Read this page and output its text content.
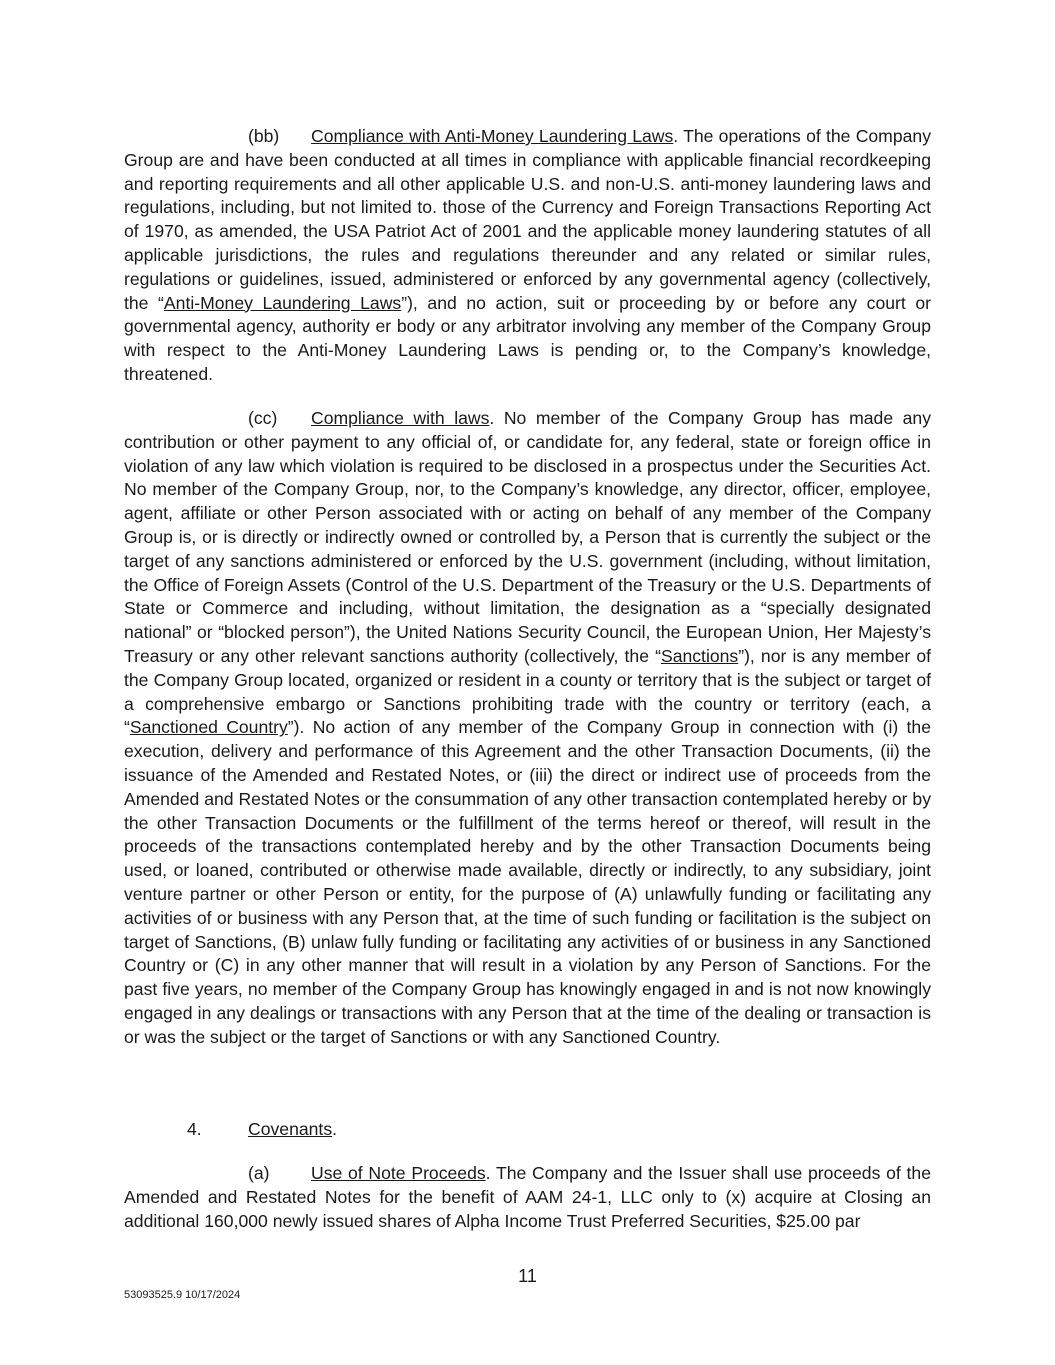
(bb) Compliance with Anti-Money Laundering Laws. The operations of the Company Group are and have been conducted at all times in compliance with applicable financial recordkeeping and reporting requirements and all other applicable U.S. and non-U.S. anti-money laundering laws and regulations, including, but not limited to. those of the Currency and Foreign Transactions Reporting Act of 1970, as amended, the USA Patriot Act of 2001 and the applicable money laundering statutes of all applicable jurisdictions, the rules and regulations thereunder and any related or similar rules, regulations or guidelines, issued, administered or enforced by any governmental agency (collectively, the “Anti-Money Laundering Laws”), and no action, suit or proceeding by or before any court or governmental agency, authority er body or any arbitrator involving any member of the Company Group with respect to the Anti-Money Laundering Laws is pending or, to the Company’s knowledge, threatened.

(cc) Compliance with laws. No member of the Company Group has made any contribution or other payment to any official of, or candidate for, any federal, state or foreign office in violation of any law which violation is required to be disclosed in a prospectus under the Securities Act. No member of the Company Group, nor, to the Company’s knowledge, any director, officer, employee, agent, affiliate or other Person associated with or acting on behalf of any member of the Company Group is, or is directly or indirectly owned or controlled by, a Person that is currently the subject or the target of any sanctions administered or enforced by the U.S. government (including, without limitation, the Office of Foreign Assets (Control of the U.S. Department of the Treasury or the U.S. Departments of State or Commerce and including, without limitation, the designation as a “specially designated national” or “blocked person”), the United Nations Security Council, the European Union, Her Majesty’s Treasury or any other relevant sanctions authority (collectively, the “Sanctions”), nor is any member of the Company Group located, organized or resident in a county or territory that is the subject or target of a comprehensive embargo or Sanctions prohibiting trade with the country or territory (each, a “Sanctioned Country”). No action of any member of the Company Group in connection with (i) the execution, delivery and performance of this Agreement and the other Transaction Documents, (ii) the issuance of the Amended and Restated Notes, or (iii) the direct or indirect use of proceeds from the Amended and Restated Notes or the consummation of any other transaction contemplated hereby or by the other Transaction Documents or the fulfillment of the terms hereof or thereof, will result in the proceeds of the transactions contemplated hereby and by the other Transaction Documents being used, or loaned, contributed or otherwise made available, directly or indirectly, to any subsidiary, joint venture partner or other Person or entity, for the purpose of (A) unlawfully funding or facilitating any activities of or business with any Person that, at the time of such funding or facilitation is the subject on target of Sanctions, (B) unlaw fully funding or facilitating any activities of or business in any Sanctioned Country or (C) in any other manner that will result in a violation by any Person of Sanctions. For the past five years, no member of the Company Group has knowingly engaged in and is not now knowingly engaged in any dealings or transactions with any Person that at the time of the dealing or transaction is or was the subject or the target of Sanctions or with any Sanctioned Country.

4.	Covenants.

(a) Use of Note Proceeds. The Company and the Issuer shall use proceeds of the Amended and Restated Notes for the benefit of AAM 24-1, LLC only to (x) acquire at Closing an additional 160,000 newly issued shares of Alpha Income Trust Preferred Securities, $25.00 par

11
53093525.9 10/17/2024
